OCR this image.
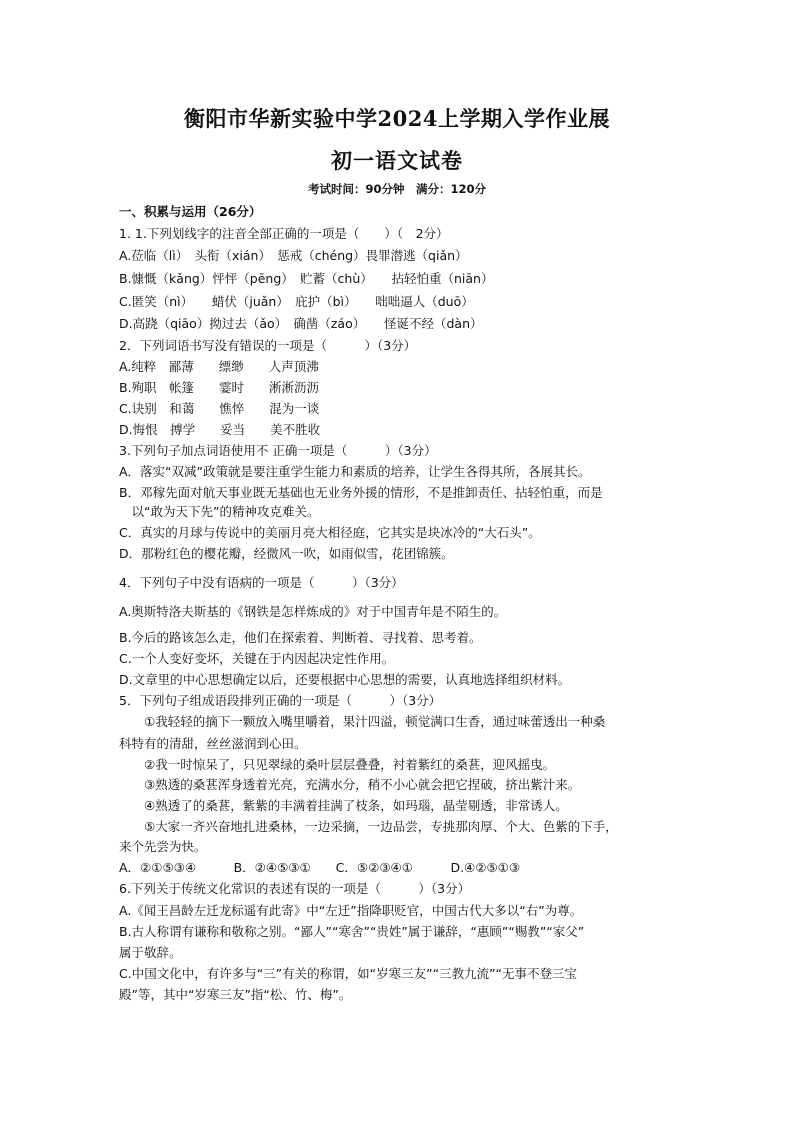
衡阳市华新实验中学2024上学期入学作业展
初一语文试卷
考试时间：90分钟　满分：120分
一、积累与运用（26分）
1. 1.下列划线字的注音全部正确的一项是（　　）（　2分）
A.莅临（lì）　头衔（xián）　惩戒（chéng）畏罪潜逃（qiǎn）
B.慷慨（kǎng）怦怦（pēng）　贮蓄（chù）　　拈轻怕重（niān）
C.匿笑（nì）　　蜡伏（juǎn）　庇护（bì）　　咄咄逼人（duō）
D.高跷（qiāo）拗过去（ǎo）　确凿（záo）　　怪诞不经（dàn）
2．下列词语书写没有错误的一项是（　　　）（3分）
A.纯粹　鄙薄　　缥缈　　人声顶沸
B.殉职　帐篷　　霎时　　淅淅沥沥
C.诀别　和蔼　　憔悴　　混为一谈
D.悔恨　搏学　　妥当　　美不胜收
3.下列句子加点词语使用不 正确一项是（　　　）（3分）
A．落实“双减”政策就是要注重学生能力和素质的培养，让学生各得其所，各展其长。
B．邓稼先面对航天事业既无基础也无业务外援的情形，不是推卸责任、拈轻怕重，而是
　以“敢为天下先”的精神攻克难关。
C．真实的月球与传说中的美丽月亮大相径庭，它其实是块冰冷的“大石头”。
D．那粉红色的樱花瓣，经微风一吹，如雨似雪，花团锦簇。
4．下列句子中没有语病的一项是（　　　）（3分）
A.奥斯特洛夫斯基的《钢铁是怎样炼成的》对于中国青年是不陌生的。
B.今后的路该怎么走，他们在探索着、判断着、寻找着、思考着。
C.一个人变好变坏，关键在于内因起决定性作用。
D.文章里的中心思想确定以后，还要根据中心思想的需要，认真地选择组织材料。
5．下列句子组成语段排列正确的一项是（　　　）（3分）
　　①我轻轻的摘下一颗放入嘴里嚼着，果汁四溢，顿觉满口生香，通过味蕾透出一种桑
科特有的清甜，丝丝滋润到心田。
　　②我一时惊呆了，只见翠绿的桑叶层层叠叠，衬着紫红的桑葚，迎风摇曳。
　　③熟透的桑葚浑身透着光亮，充满水分，稍不小心就会把它捏破，挤出紫汁来。
　　④熟透了的桑葚，紫紫的丰满着挂满了枝条，如玛瑙，晶莹剔透，非常诱人。
　　⑤大家一齐兴奋地扎进桑林，一边采摘，一边品尝，专挑那肉厚、个大、色紫的下手，
来个先尝为快。
A．②①⑤③④　　　B．②④⑤③①　　C．⑤②③④①　　　D.④②⑤①③
6.下列关于传统文化常识的表述有误的一项是（　　　）（3分）
A.《闻王昌龄左迁龙标遥有此寄》中“左迁”指降职贬官，中国古代大多以“右”为尊。
B.古人称谓有谦称和敬称之别。“鄙人”“寒舍”“贵姓”属于谦辞，“惠顾”“赐教”“家父”
属于敬辞。
C.中国文化中，有许多与“三”有关的称谓，如“岁寒三友”“三教九流”“无事不登三宝
殿”等，其中“岁寒三友”指“松、竹、梅”。
